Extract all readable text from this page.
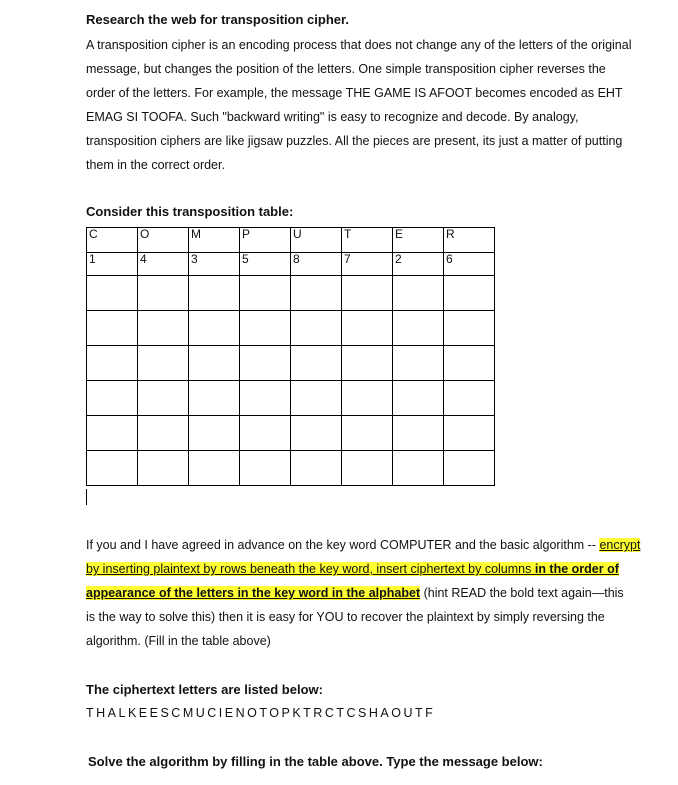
Research the web for transposition cipher.

A transposition cipher is an encoding process that does not change any of the letters of the original

message, but changes the position of the letters. One simple transposition cipher reverses the

order of the letters. For example, the message THE GAME IS AFOOT becomes encoded as EHT

EMAG SI TOOFA. Such "backward writing" is easy to recognize and decode. By analogy,

transposition ciphers are like jigsaw puzzles. All the pieces are present, its just a matter of putting

them in the correct order.

Consider this transposition table:
C	O	M	P	U	T	E	R
1	4	3	5	8	7	2	6

If you and I have agreed in advance on the key word COMPUTER and the basic algorithm -- encrypt

by inserting plaintext by rows beneath the key word, insert ciphertext by columns in the order of

appearance of the letters in the key word in the alphabet (hint READ the bold text again—this

is the way to solve this) then it is easy for YOU to recover the plaintext by simply reversing the

algorithm. (Fill in the table above)

The ciphertext letters are listed below:
THALKEESCMUCIENOTOPKTRCTCSHAOUTF
Solve the algorithm by filling in the table above. Type the message below:
